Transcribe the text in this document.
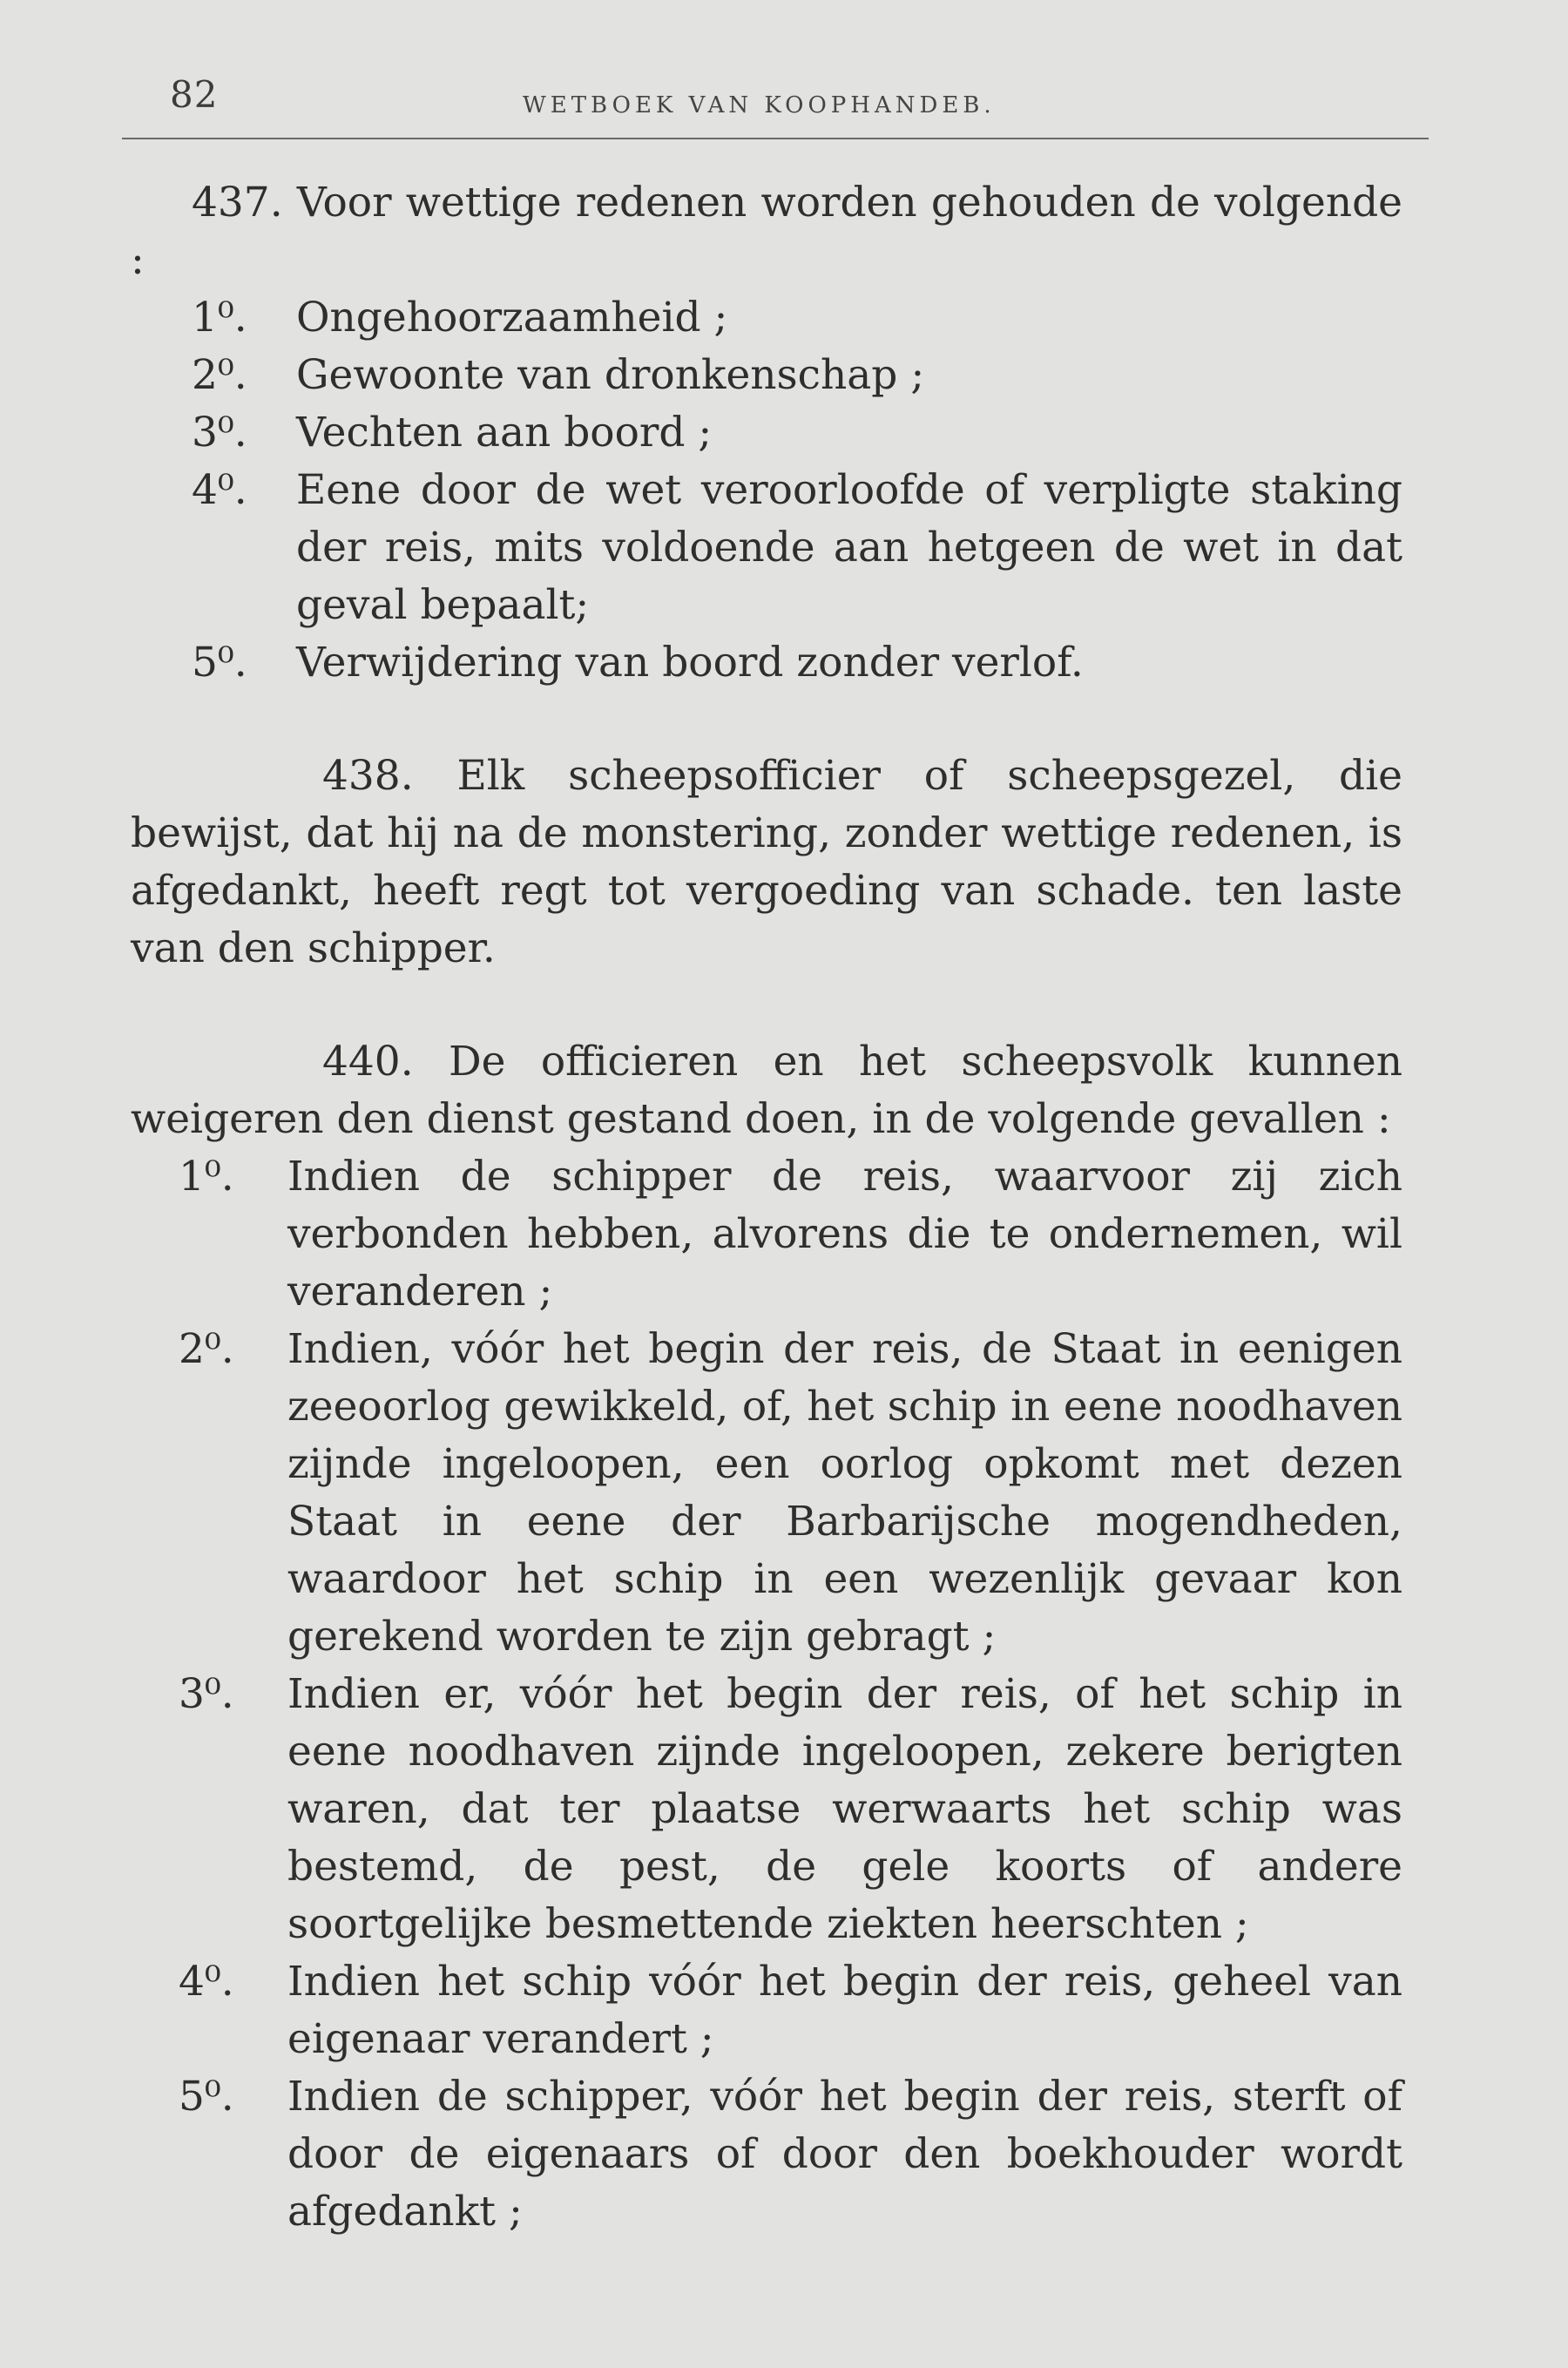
82	WETBOEK VAN KOOPHANDEB.

437. Voor wettige redenen worden gehouden de volgende :

1⁰. Ongehoorzaamheid ;

2⁰. Gewoonte van dronkenschap ;

3⁰. Vechten aan boord ;

4⁰. Eene door de wet veroorloofde of verpligte staking der reis, mits voldoende aan hetgeen de wet in dat geval bepaalt;

5⁰. Verwijdering van boord zonder verlof.

438. Elk scheepsofficier of scheepsgezel, die bewijst, dat hij na de monstering, zonder wettige redenen, is afgedankt, heeft regt tot vergoeding van schade. ten laste van den schipper.

440. De officieren en het scheepsvolk kunnen weigeren den dienst gestand doen, in de volgende gevallen :

1⁰. Indien de schipper de reis, waarvoor zij zich verbonden hebben, alvorens die te ondernemen, wil veranderen ;

2⁰. Indien, vóór het begin der reis, de Staat in eenigen zeeoorlog gewikkeld, of, het schip in eene noodhaven zijnde ingeloopen, een oorlog opkomt met dezen Staat in eene der Barbarijsche mogendheden, waardoor het schip in een wezenlijk gevaar kon gerekend worden te zijn gebragt ;

3⁰. Indien er, vóór het begin der reis, of het schip in eene noodhaven zijnde ingeloopen, zekere berigten waren, dat ter plaatse werwaarts het schip was bestemd, de pest, de gele koorts of andere soortgelijke besmettende ziekten heerschten ;

4⁰. Indien het schip vóór het begin der reis, geheel van eigenaar verandert ;

5⁰. Indien de schipper, vóór het begin der reis, sterft of door de eigenaars of door den boekhouder wordt afgedankt ;
